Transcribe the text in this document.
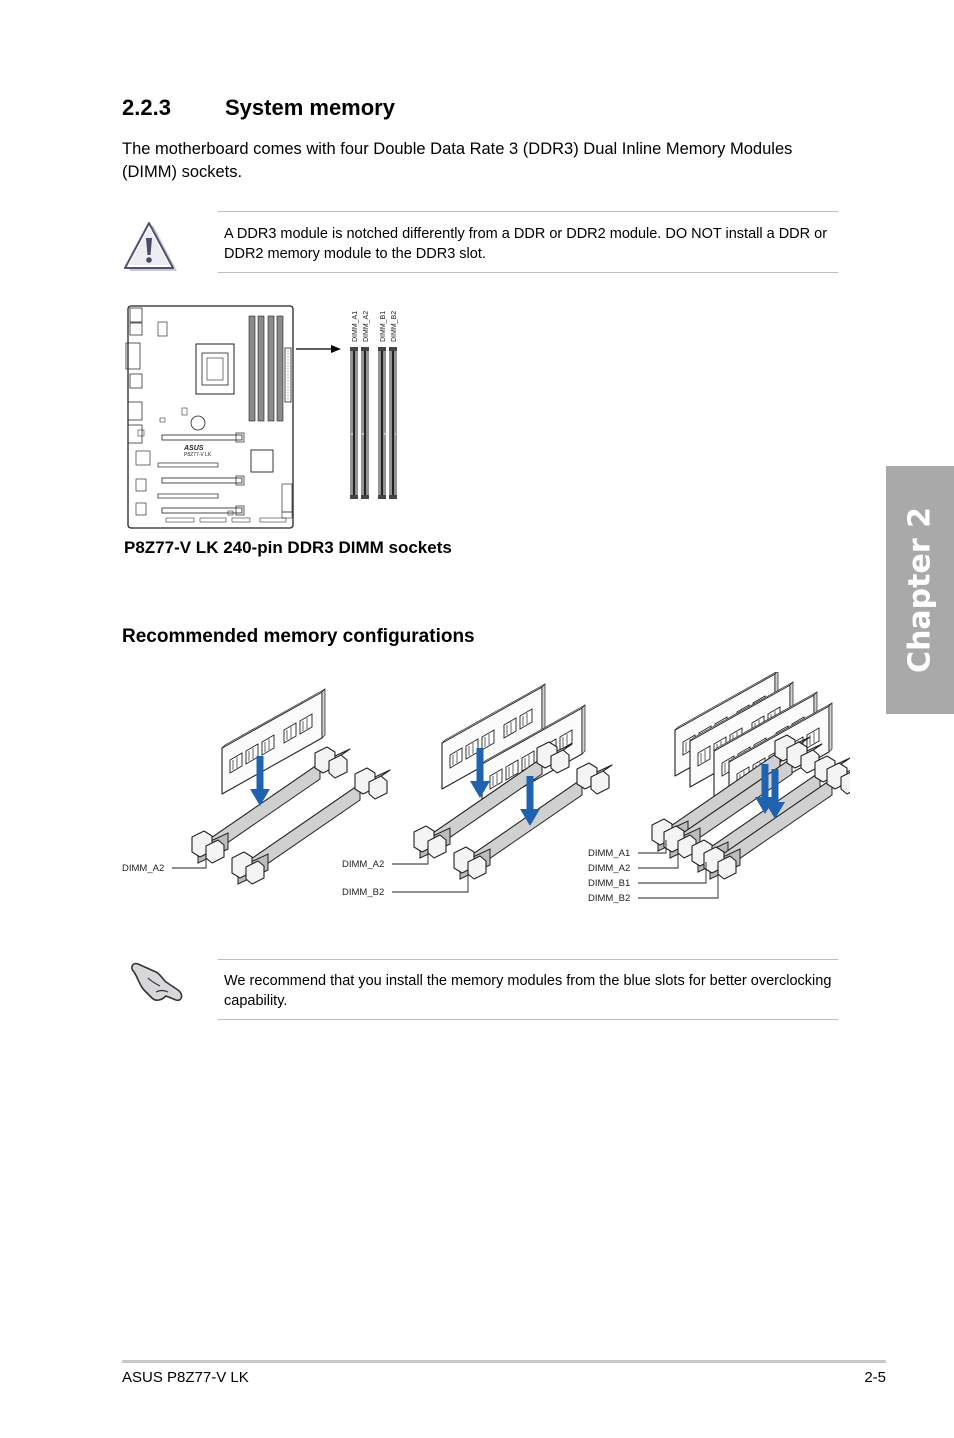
2.2.3 System memory
The motherboard comes with four Double Data Rate 3 (DDR3) Dual Inline Memory Modules (DIMM) sockets.
A DDR3 module is notched differently from a DDR or DDR2 module. DO NOT install a DDR or DDR2 memory module to the DDR3 slot.
ASUS
P8Z77-V LK
DIMM_A1 DIMM_A2 DIMM_B1 DIMM_B2
P8Z77-V LK 240-pin DDR3 DIMM sockets
Recommended memory configurations
DIMM_A2	DIMM_A2
DIMM_B2
DIMM_A1
DIMM_A2
DIMM_B1
DIMM_B2
We recommend that you install the memory modules from the blue slots for better overclocking capability.
Chapter 2
ASUS P8Z77-V LK	2-5
